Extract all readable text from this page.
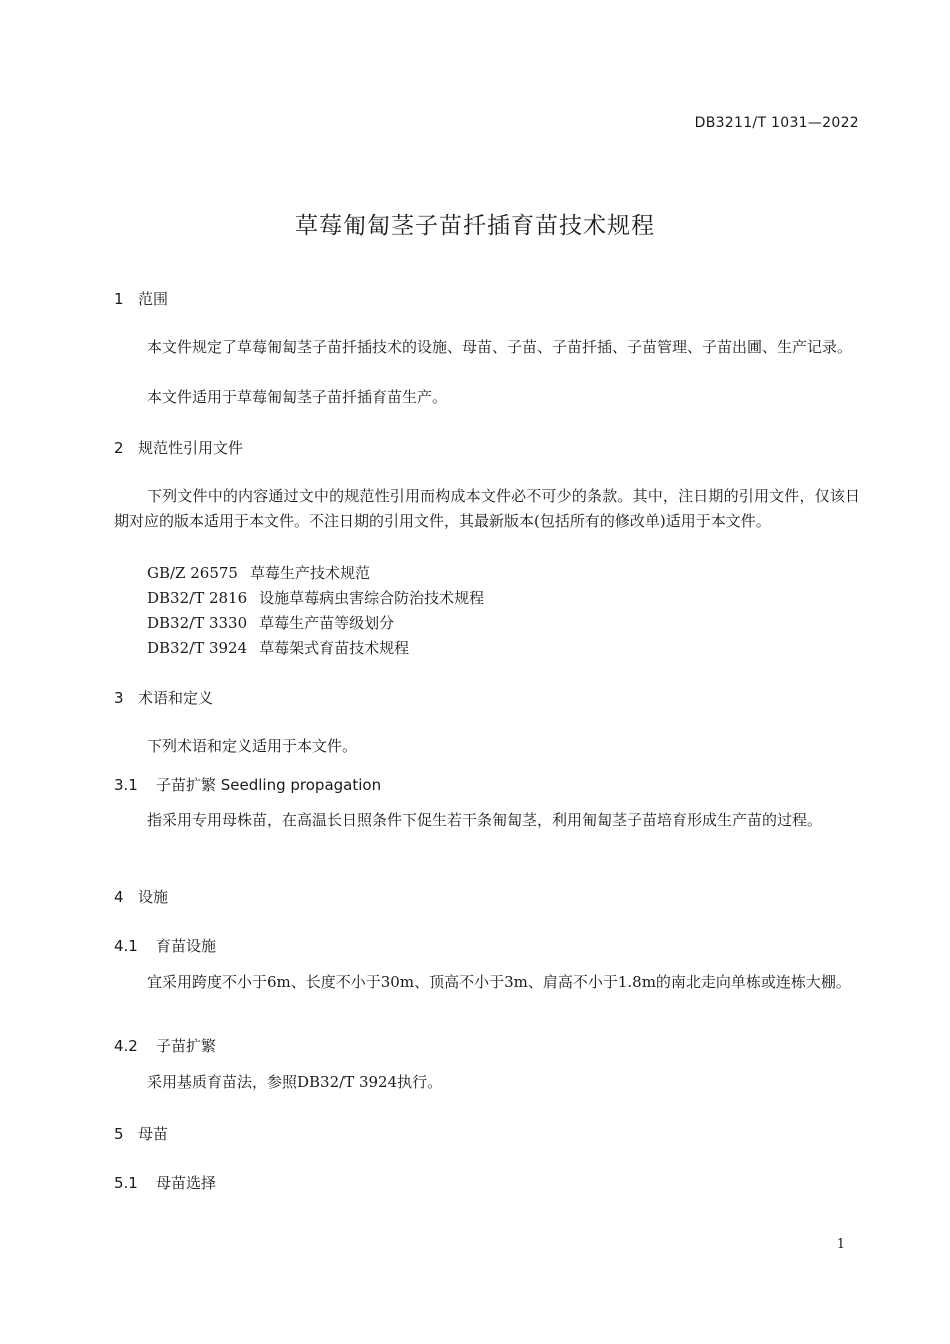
DB3211/T 1031—2022
草莓匍匐茎子苗扦插育苗技术规程
1 范围
本文件规定了草莓匍匐茎子苗扦插技术的设施、母苗、子苗、子苗扦插、子苗管理、子苗出圃、生产记录。
本文件适用于草莓匍匐茎子苗扦插育苗生产。
2 规范性引用文件
下列文件中的内容通过文中的规范性引用而构成本文件必不可少的条款。其中，注日期的引用文件，仅该日期对应的版本适用于本文件。不注日期的引用文件，其最新版本(包括所有的修改单)适用于本文件。
GB/Z 26575 草莓生产技术规范
DB32/T 2816 设施草莓病虫害综合防治技术规程
DB32/T 3330 草莓生产苗等级划分
DB32/T 3924 草莓架式育苗技术规程
3 术语和定义
下列术语和定义适用于本文件。
3.1 子苗扩繁 Seedling propagation
指采用专用母株苗，在高温长日照条件下促生若干条匍匐茎，利用匍匐茎子苗培育形成生产苗的过程。
4 设施
4.1 育苗设施
宜采用跨度不小于6m、长度不小于30m、顶高不小于3m、肩高不小于1.8m的南北走向单栋或连栋大棚。
4.2 子苗扩繁
采用基质育苗法，参照DB32/T 3924执行。
5 母苗
5.1 母苗选择
1
